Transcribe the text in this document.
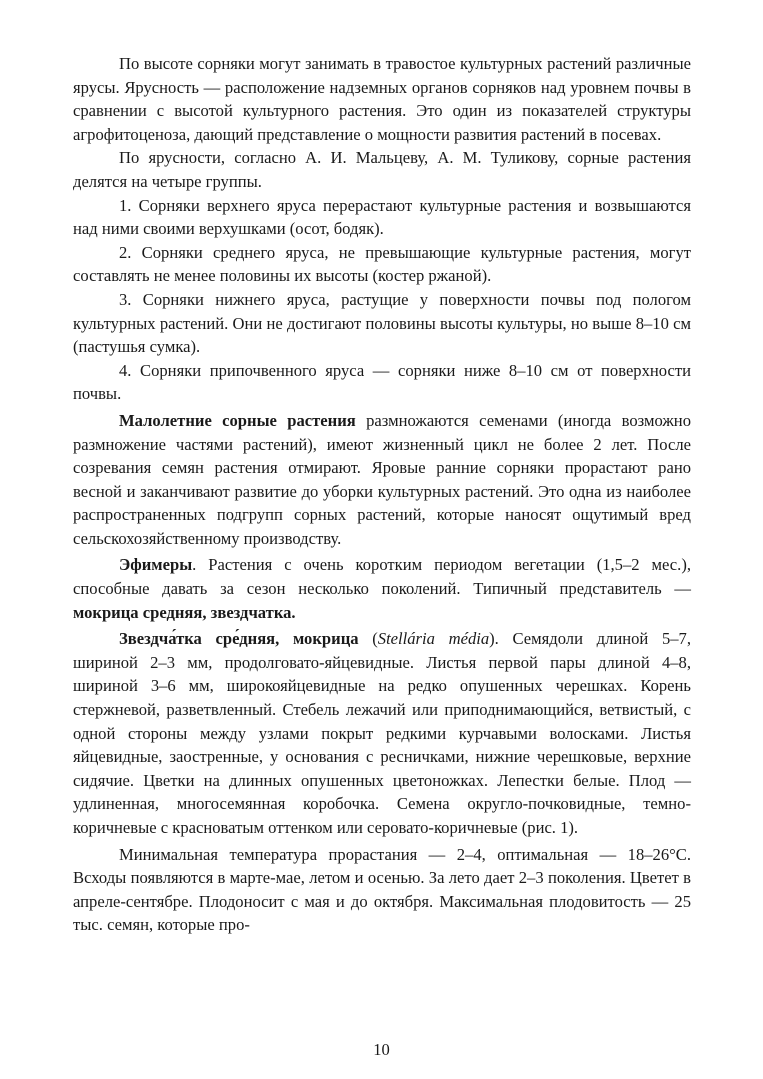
По высоте сорняки могут занимать в травостое культурных растений различные ярусы. Ярусность — расположение надземных органов сорняков над уровнем почвы в сравнении с высотой культурного растения. Это один из показателей структуры агрофитоценоза, дающий представление о мощности развития растений в посевах.

По ярусности, согласно А. И. Мальцеву, А. М. Туликову, сорные растения делятся на четыре группы.

1. Сорняки верхнего яруса перерастают культурные растения и возвышаются над ними своими верхушками (осот, бодяк).

2. Сорняки среднего яруса, не превышающие культурные растения, могут составлять не менее половины их высоты (костер ржаной).

3. Сорняки нижнего яруса, растущие у поверхности почвы под пологом культурных растений. Они не достигают половины высоты культуры, но выше 8–10 см (пастушья сумка).

4. Сорняки припочвенного яруса — сорняки ниже 8–10 см от поверхности почвы.

Малолетние сорные растения размножаются семенами (иногда возможно размножение частями растений), имеют жизненный цикл не более 2 лет. После созревания семян растения отмирают. Яровые ранние сорняки прорастают рано весной и заканчивают развитие до уборки культурных растений. Это одна из наиболее распространенных подгрупп сорных растений, которые наносят ощутимый вред сельскохозяйственному производству.

Эфимеры. Растения с очень коротким периодом вегетации (1,5–2 мес.), способные давать за сезон несколько поколений. Типичный представитель — мокрица средняя, звездчатка.

Звездча́тка сре́дняя, мокрица (Stellária média). Семядоли длиной 5–7, шириной 2–3 мм, продолговато-яйцевидные. Листья первой пары длиной 4–8, шириной 3–6 мм, широкояйцевидные на редко опушенных черешках. Корень стержневой, разветвленный. Стебель лежачий или приподнимающийся, ветвистый, с одной стороны между узлами покрыт редкими курчавыми волосками. Листья яйцевидные, заостренные, у основания с ресничками, нижние черешковые, верхние сидячие. Цветки на длинных опушенных цветоножках. Лепестки белые. Плод — удлиненная, многосемянная коробочка. Семена округло-почковидные, темно-коричневые с красноватым оттенком или серовато-коричневые (рис. 1).

Минимальная температура прорастания — 2–4, оптимальная — 18–26°С. Всходы появляются в марте-мае, летом и осенью. За лето дает 2–3 поколения. Цветет в апреле-сентябре. Плодоносит с мая и до октября. Максимальная плодовитость — 25 тыс. семян, которые про-

10
